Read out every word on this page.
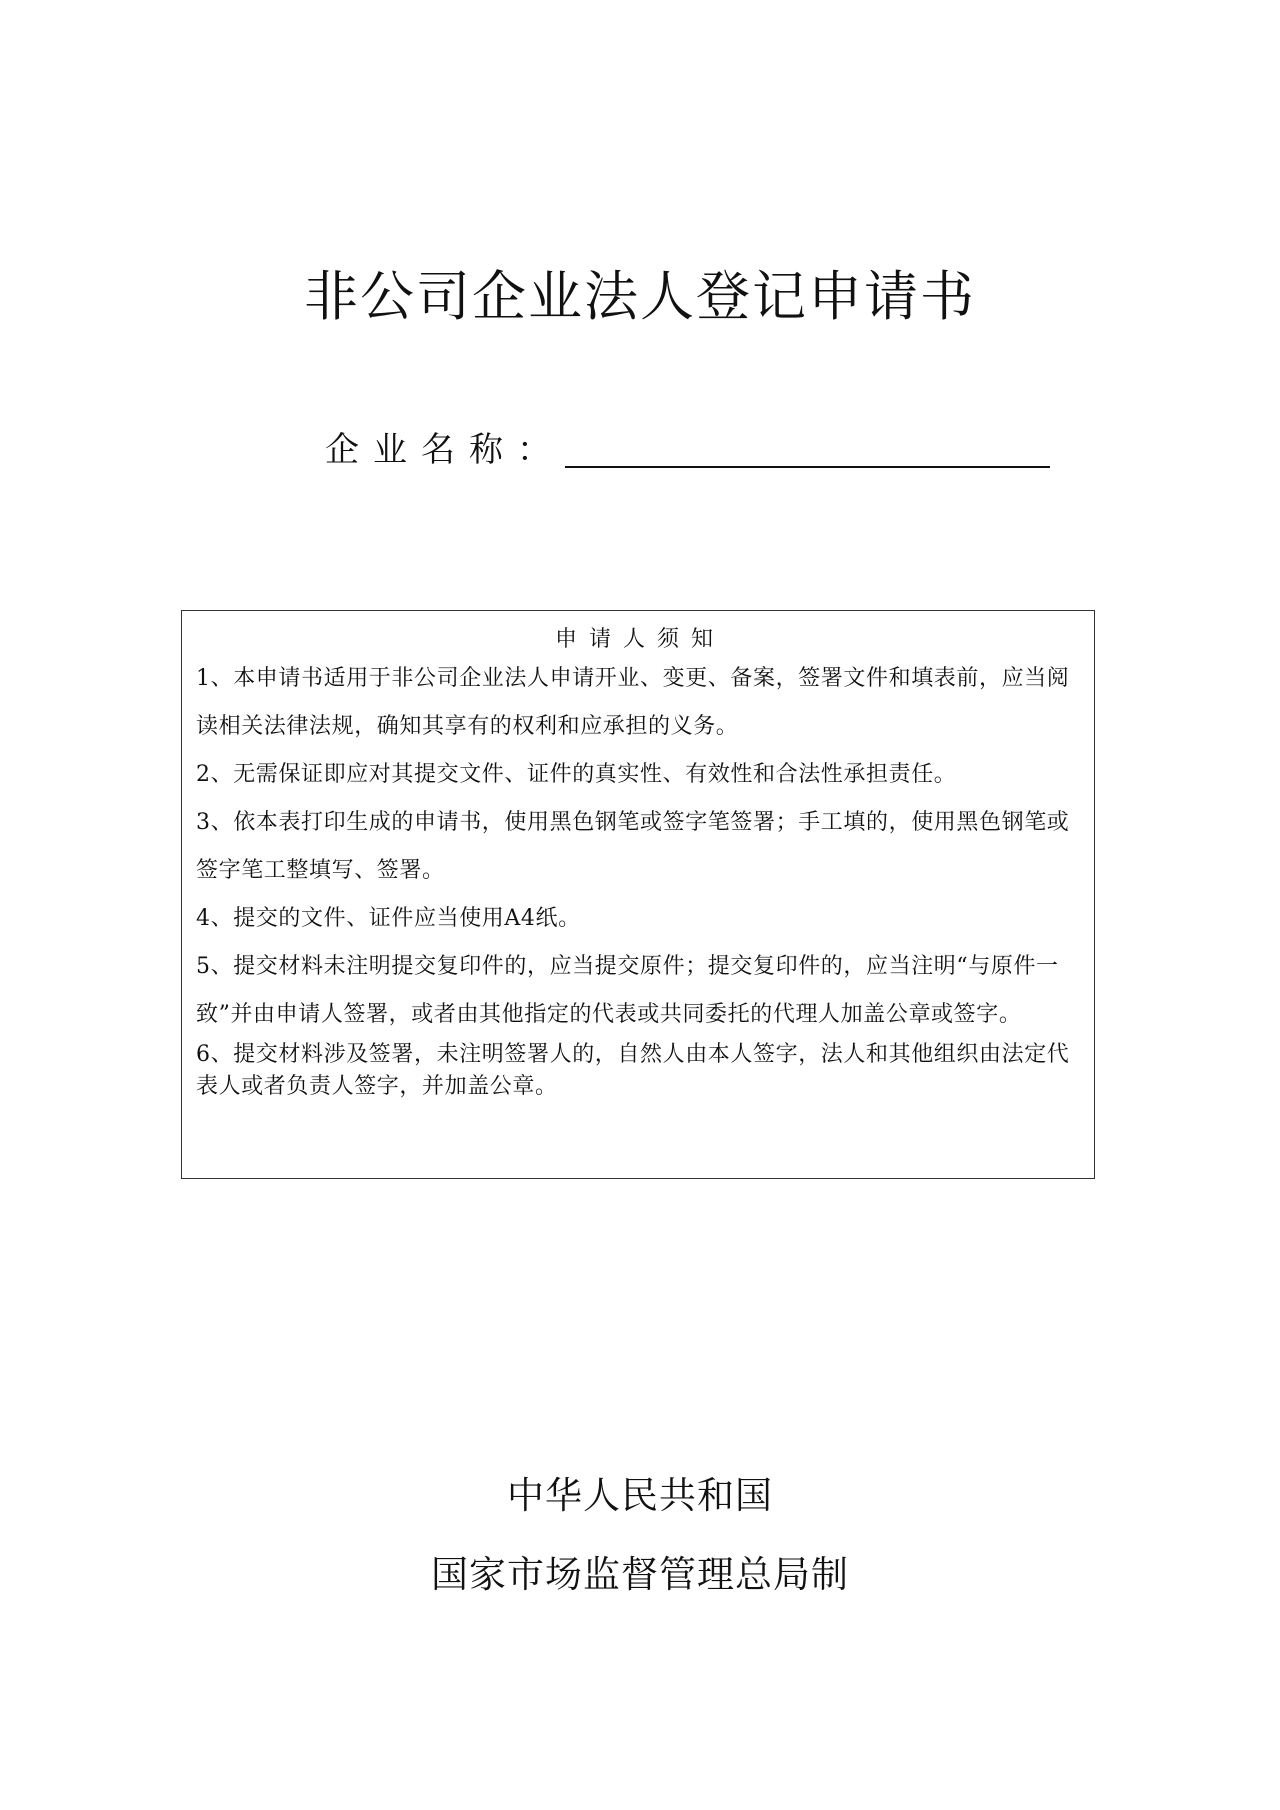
非公司企业法人登记申请书
企业名称：
申请人须知

1、本申请书适用于非公司企业法人申请开业、变更、备案，签署文件和填表前，应当阅读相关法律法规，确知其享有的权利和应承担的义务。

2、无需保证即应对其提交文件、证件的真实性、有效性和合法性承担责任。

3、依本表打印生成的申请书，使用黑色钢笔或签字笔签署；手工填的，使用黑色钢笔或签字笔工整填写、签署。

4、提交的文件、证件应当使用A4纸。

5、提交材料未注明提交复印件的，应当提交原件；提交复印件的，应当注明“与原件一致”并由申请人签署，或者由其他指定的代表或共同委托的代理人加盖公章或签字。

6、提交材料涉及签署，未注明签署人的，自然人由本人签字，法人和其他组织由法定代表人或者负责人签字，并加盖公章。

中华人民共和国
国家市场监督管理总局制
